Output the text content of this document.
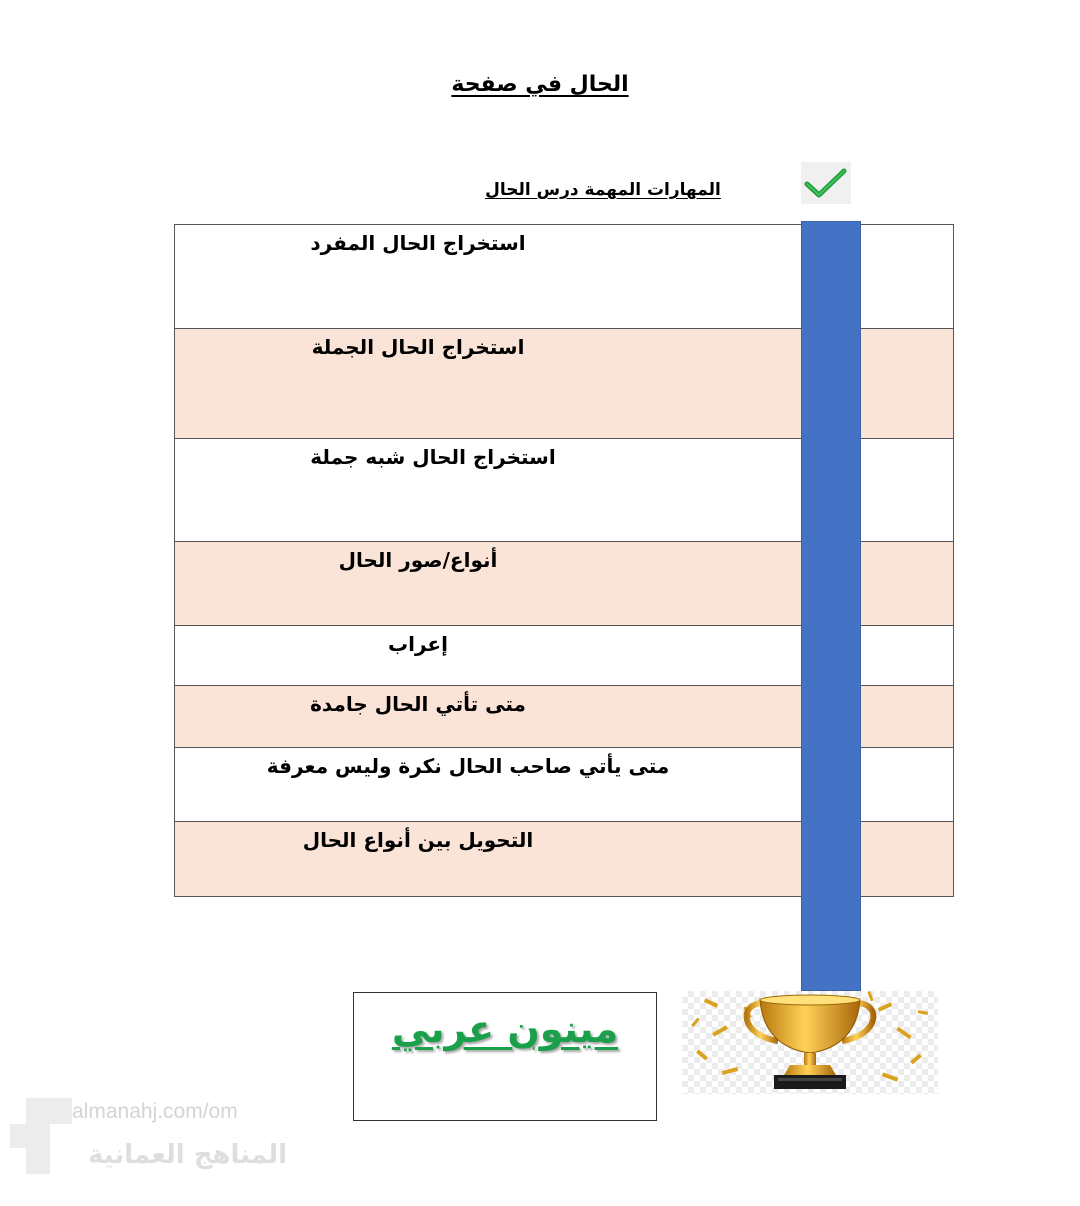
الحال في صفحة
المهارات المهمة درس الحال
استخراج الحال المفرد	
استخراج الحال الجملة	
استخراج الحال شبه جملة	
أنواع/صور الحال	
إعراب	
متى تأتي الحال جامدة	
متى يأتي صاحب الحال نكرة وليس معرفة	
التحويل بين أنواع الحال	
مينون عربي
almanahj.com/om
المناهج العمانية
